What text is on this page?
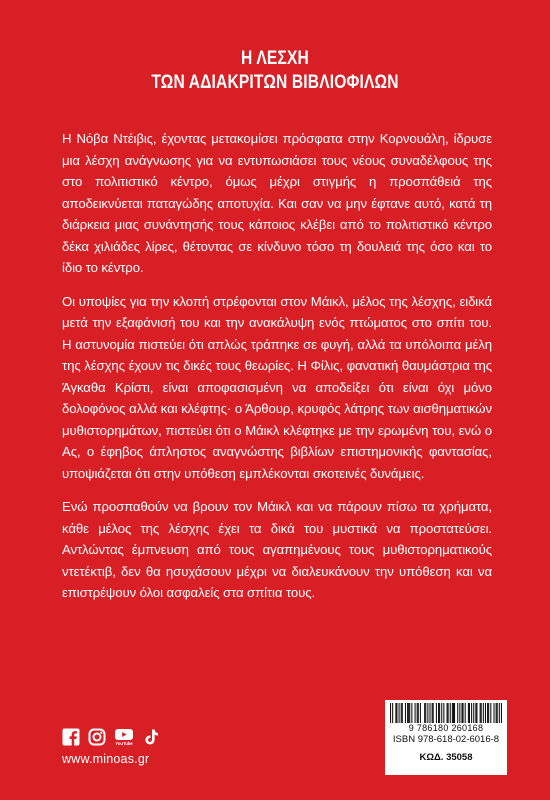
Η ΛΕΣΧΗ
ΤΩΝ ΑΔΙΑΚΡΙΤΩΝ ΒΙΒΛΙΟΦΙΛΩΝ

Η Νόβα Ντέιβις, έχοντας μετακομίσει πρόσφατα στην Κορνουάλη, ίδρυσε μια λέσχη ανάγνωσης για να εντυπωσιάσει τους νέους συναδέλφους της στο πολιτιστικό κέντρο, όμως μέχρι στιγμής η προσπάθειά της αποδεικνύεται παταγώδης αποτυχία. Και σαν να μην έφτανε αυτό, κατά τη διάρκεια μιας συνάντησής τους κάποιος κλέβει από το πολιτιστικό κέντρο δέκα χιλιάδες λίρες, θέτοντας σε κίνδυνο τόσο τη δουλειά της όσο και το ίδιο το κέντρο.

Οι υποψίες για την κλοπή στρέφονται στον Μάικλ, μέλος της λέσχης, ειδικά μετά την εξαφάνισή του και την ανακάλυψη ενός πτώματος στο σπίτι του. Η αστυνομία πιστεύει ότι απλώς τράπηκε σε φυγή, αλλά τα υπόλοιπα μέλη της λέσχης έχουν τις δικές τους θεωρίες. Η Φίλις, φανατική θαυμάστρια της Άγκαθα Κρίστι, είναι αποφασισμένη να αποδείξει ότι είναι όχι μόνο δολοφόνος αλλά και κλέφτης· ο Άρθουρ, κρυφός λάτρης των αισθηματικών μυθιστορημάτων, πιστεύει ότι ο Μάικλ κλέφτηκε με την ερωμένη του, ενώ ο Ας, ο έφηβος άπληστος αναγνώστης βιβλίων επιστημονικής φαντασίας, υποψιάζεται ότι στην υπόθεση εμπλέκονται σκοτεινές δυνάμεις.

Ενώ προσπαθούν να βρουν τον Μάικλ και να πάρουν πίσω τα χρήματα, κάθε μέλος της λέσχης έχει τα δικά του μυστικά να προστατεύσει. Αντλώντας έμπνευση από τους αγαπημένους τους μυθιστορηματικούς ντετέκτιβ, δεν θα ησυχάσουν μέχρι να διαλευκάνουν την υπόθεση και να επιστρέψουν όλοι ασφαλείς στα σπίτια τους.

YouTube
www.minoas.gr
9 786180 260168
ISBN 978-618-02-6016-8
ΚΩΔ. 35058
